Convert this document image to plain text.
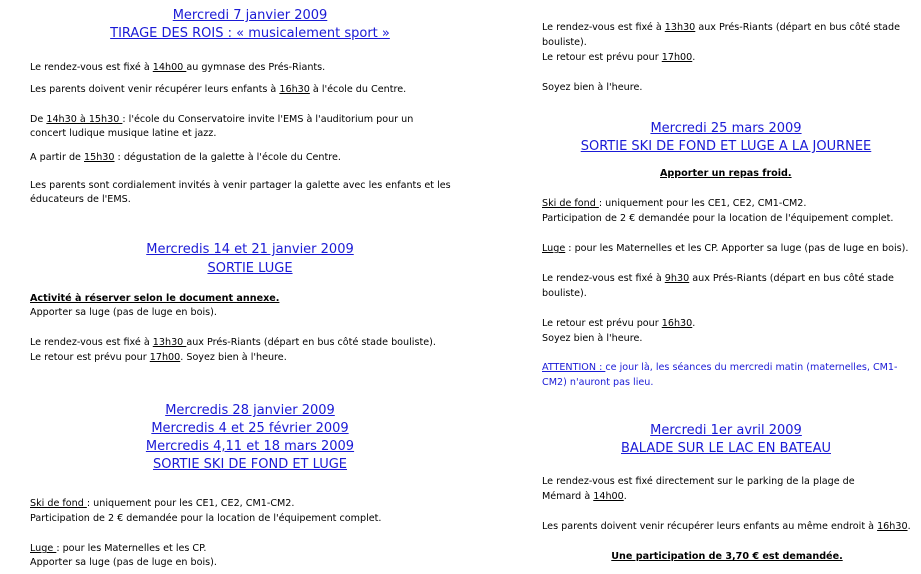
Mercredi 7 janvier 2009
TIRAGE DES ROIS : « musicalement sport »
Le rendez-vous est fixé à 14h00 au gymnase des Prés-Riants.
Les parents doivent venir récupérer leurs enfants à 16h30 à l'école du Centre.
De 14h30 à 15h30 : l'école du Conservatoire invite l'EMS à l'auditorium pour un
concert ludique musique latine et jazz.
A partir de 15h30 : dégustation de la galette à l'école du Centre.
Les parents sont cordialement invités à venir partager la galette avec les enfants et les
éducateurs de l'EMS.
Mercredis 14 et 21 janvier 2009
SORTIE LUGE
Activité à réserver selon le document annexe.
Apporter sa luge (pas de luge en bois).
Le rendez-vous est fixé à 13h30 aux Prés-Riants (départ en bus côté stade bouliste).
Le retour est prévu pour 17h00. Soyez bien à l'heure.
Mercredis 28 janvier 2009
Mercredis 4 et 25 février 2009
Mercredis 4,11 et 18 mars 2009
SORTIE SKI DE FOND ET LUGE
Ski de fond : uniquement pour les CE1, CE2, CM1-CM2.
Participation de 2 € demandée pour la location de l'équipement complet.
Luge : pour les Maternelles et les CP.
Apporter sa luge (pas de luge en bois).
Le rendez-vous est fixé à 13h30 aux Prés-Riants (départ en bus côté stade
bouliste).
Le retour est prévu pour 17h00.
Soyez bien à l'heure.
Mercredi 25 mars 2009
SORTIE SKI DE FOND ET LUGE A LA JOURNEE
Apporter un repas froid.
Ski de fond : uniquement pour les CE1, CE2, CM1-CM2.
Participation de 2 € demandée pour la location de l'équipement complet.
Luge : pour les Maternelles et les CP. Apporter sa luge (pas de luge en bois).
Le rendez-vous est fixé à 9h30 aux Prés-Riants (départ en bus côté stade
bouliste).
Le retour est prévu pour 16h30.
Soyez bien à l'heure.
ATTENTION : ce jour là, les séances du mercredi matin (maternelles, CM1-
CM2) n'auront pas lieu.
Mercredi 1er avril 2009
BALADE SUR LE LAC EN BATEAU
Le rendez-vous est fixé directement sur le parking de la plage de
Mémard à 14h00.
Les parents doivent venir récupérer leurs enfants au même endroit à 16h30.
Une participation de 3,70 € est demandée.
